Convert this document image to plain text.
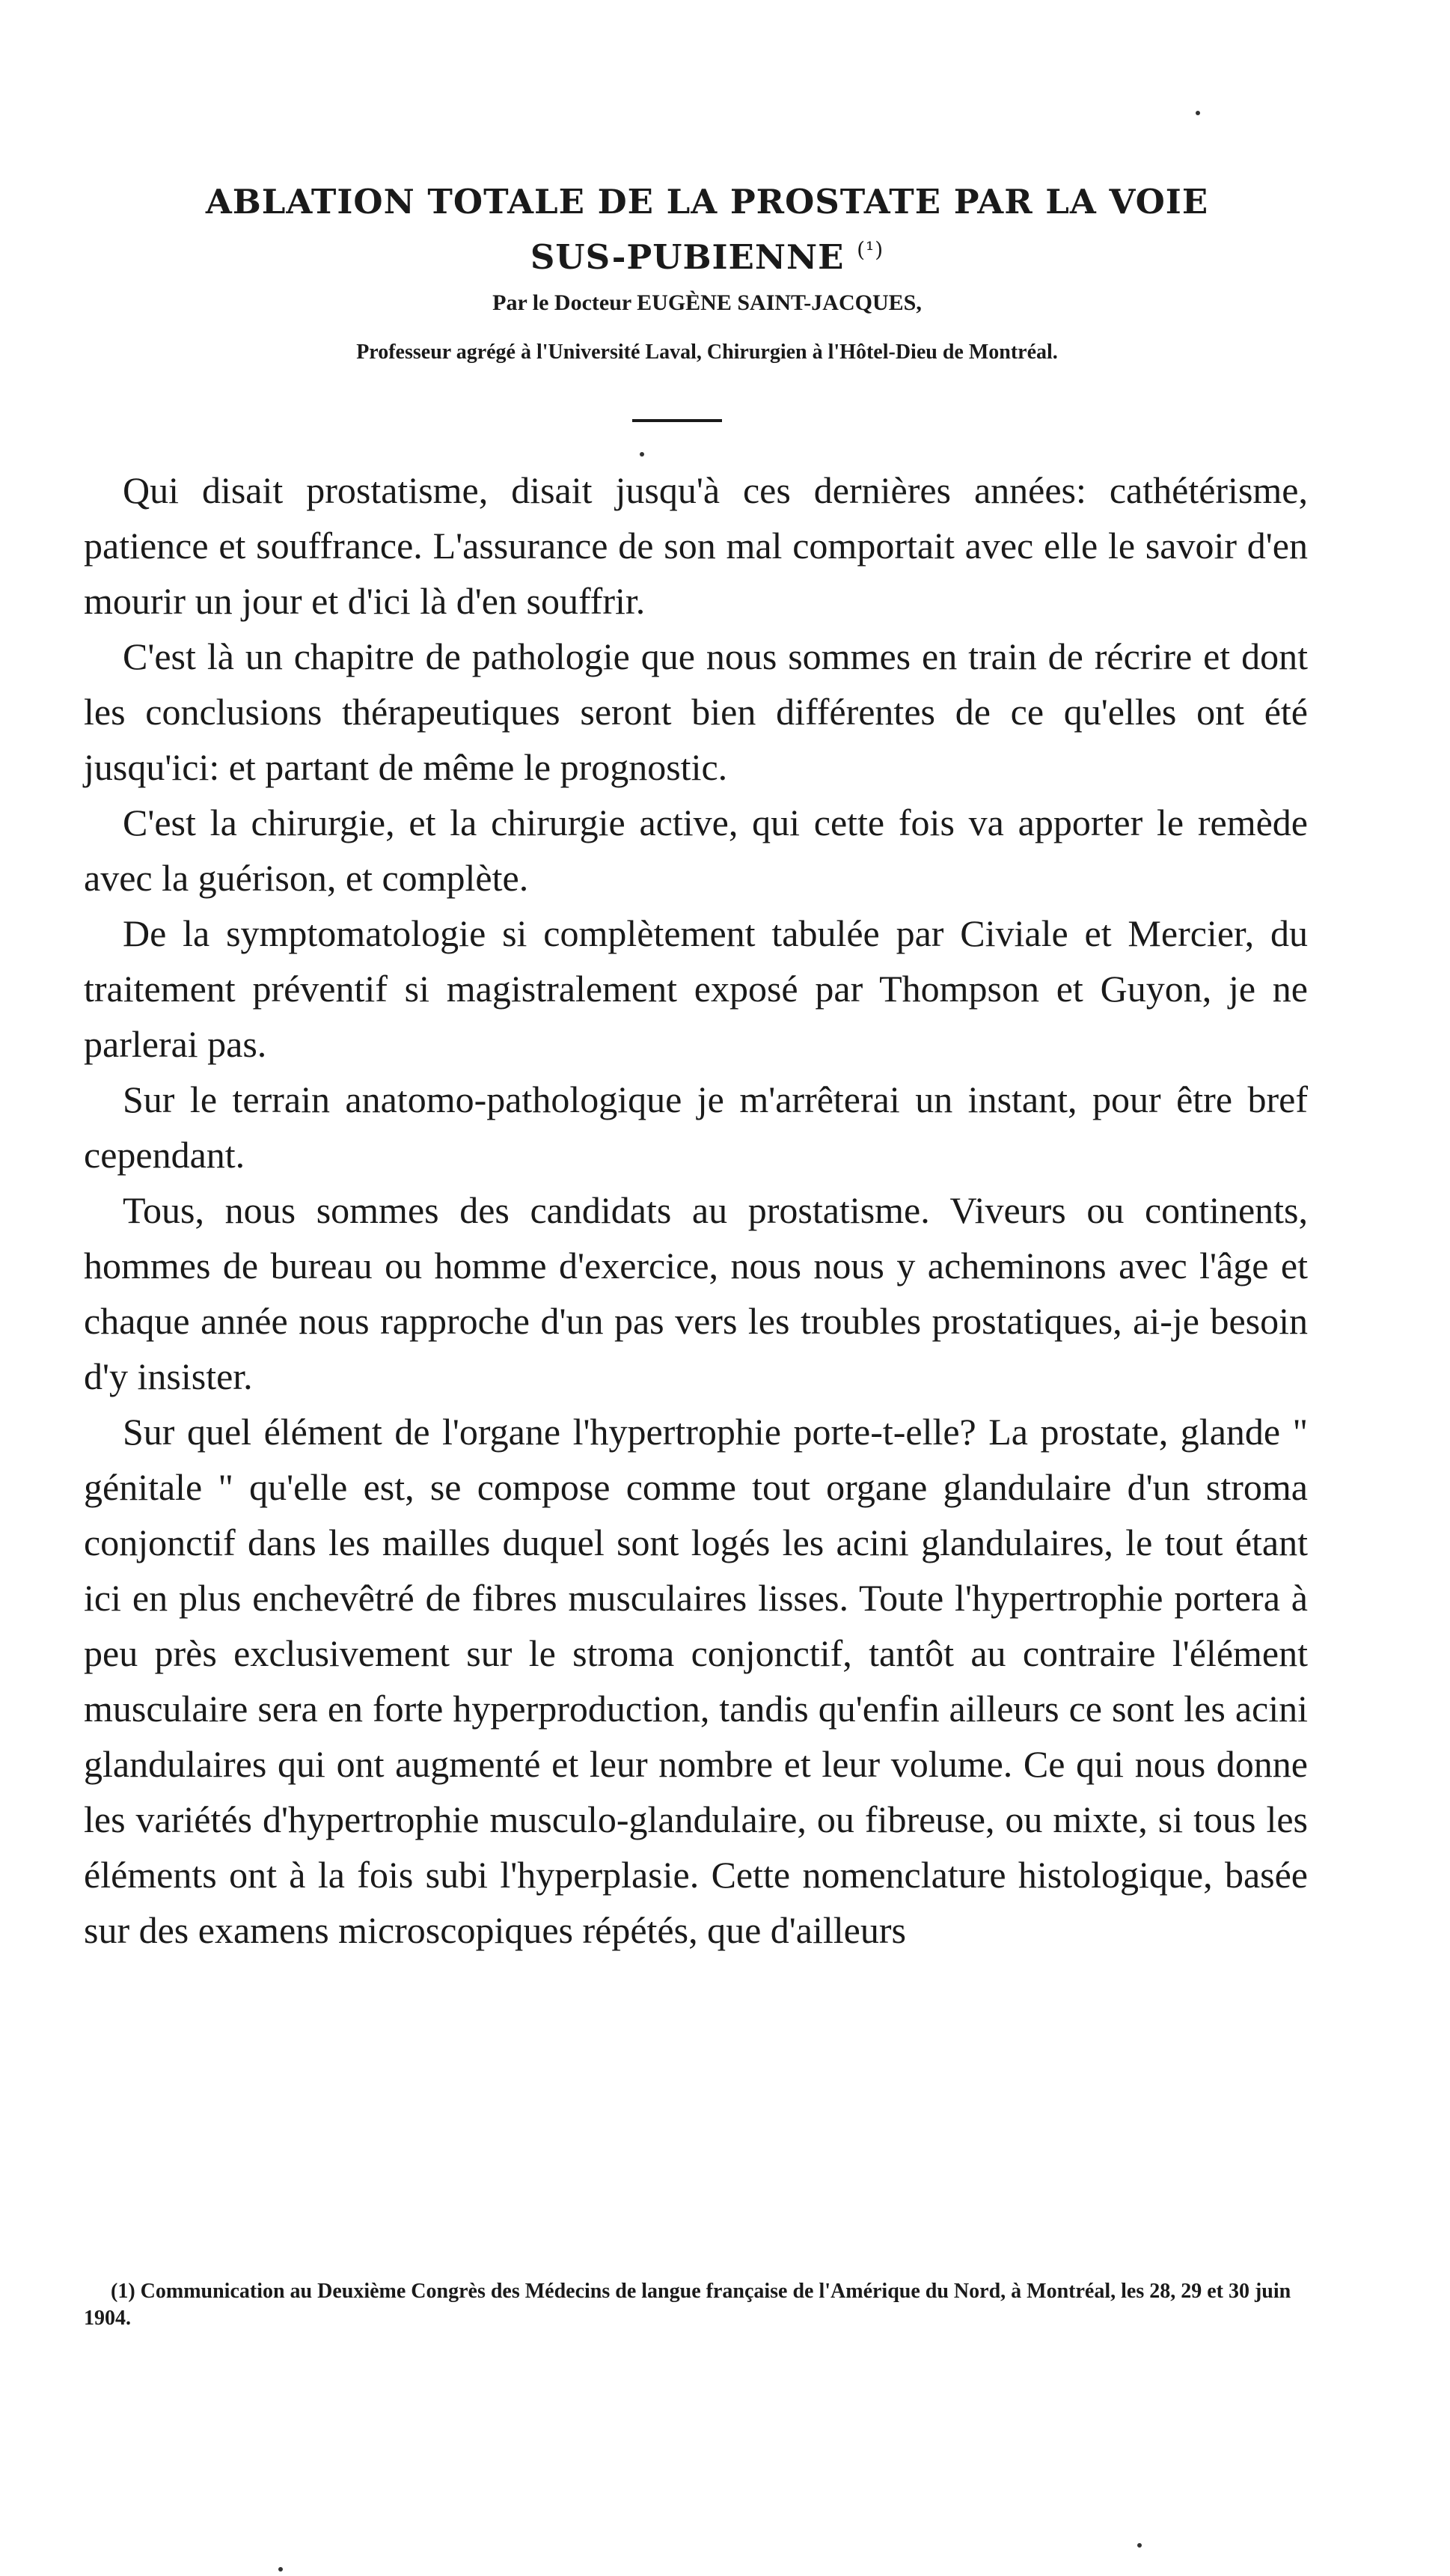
ABLATION TOTALE DE LA PROSTATE PAR LA VOIE
SUS-PUBIENNE $^{(^1)}$

Par le Docteur EUGÈNE SAINT-JACQUES,

Professeur agrégé à l'Université Laval, Chirurgien à l'Hôtel-Dieu de Montréal.

Qui disait prostatisme, disait jusqu'à ces dernières années: cathétérisme, patience et souffrance. L'assurance de son mal comportait avec elle le savoir d'en mourir un jour et d'ici là d'en souffrir.

C'est là un chapitre de pathologie que nous sommes en train de récrire et dont les conclusions thérapeutiques seront bien différentes de ce qu'elles ont été jusqu'ici: et partant de même le prognostic.

C'est la chirurgie, et la chirurgie active, qui cette fois va apporter le remède avec la guérison, et complète.

De la symptomatologie si complètement tabulée par Civiale et Mercier, du traitement préventif si magistralement exposé par Thompson et Guyon, je ne parlerai pas.

Sur le terrain anatomo-pathologique je m'arrêterai un instant, pour être bref cependant.

Tous, nous sommes des candidats au prostatisme. Viveurs ou continents, hommes de bureau ou homme d'exercice, nous nous y acheminons avec l'âge et chaque année nous rapproche d'un pas vers les troubles prostatiques, ai-je besoin d'y insister.

Sur quel élément de l'organe l'hypertrophie porte-t-elle? La prostate, glande " génitale " qu'elle est, se compose comme tout organe glandulaire d'un stroma conjonctif dans les mailles duquel sont logés les acini glandulaires, le tout étant ici en plus enchevêtré de fibres musculaires lisses. Toute l'hypertrophie portera à peu près exclusivement sur le stroma conjonctif, tantôt au contraire l'élément musculaire sera en forte hyperproduction, tandis qu'enfin ailleurs ce sont les acini glandulaires qui ont augmenté et leur nombre et leur volume. Ce qui nous donne les variétés d'hypertrophie musculo-glandulaire, ou fibreuse, ou mixte, si tous les éléments ont à la fois subi l'hyperplasie. Cette nomenclature histologique, basée sur des examens microscopiques répétés, que d'ailleurs

(1) Communication au Deuxième Congrès des Médecins de langue française de l'Amérique du Nord, à Montréal, les 28, 29 et 30 juin 1904.
